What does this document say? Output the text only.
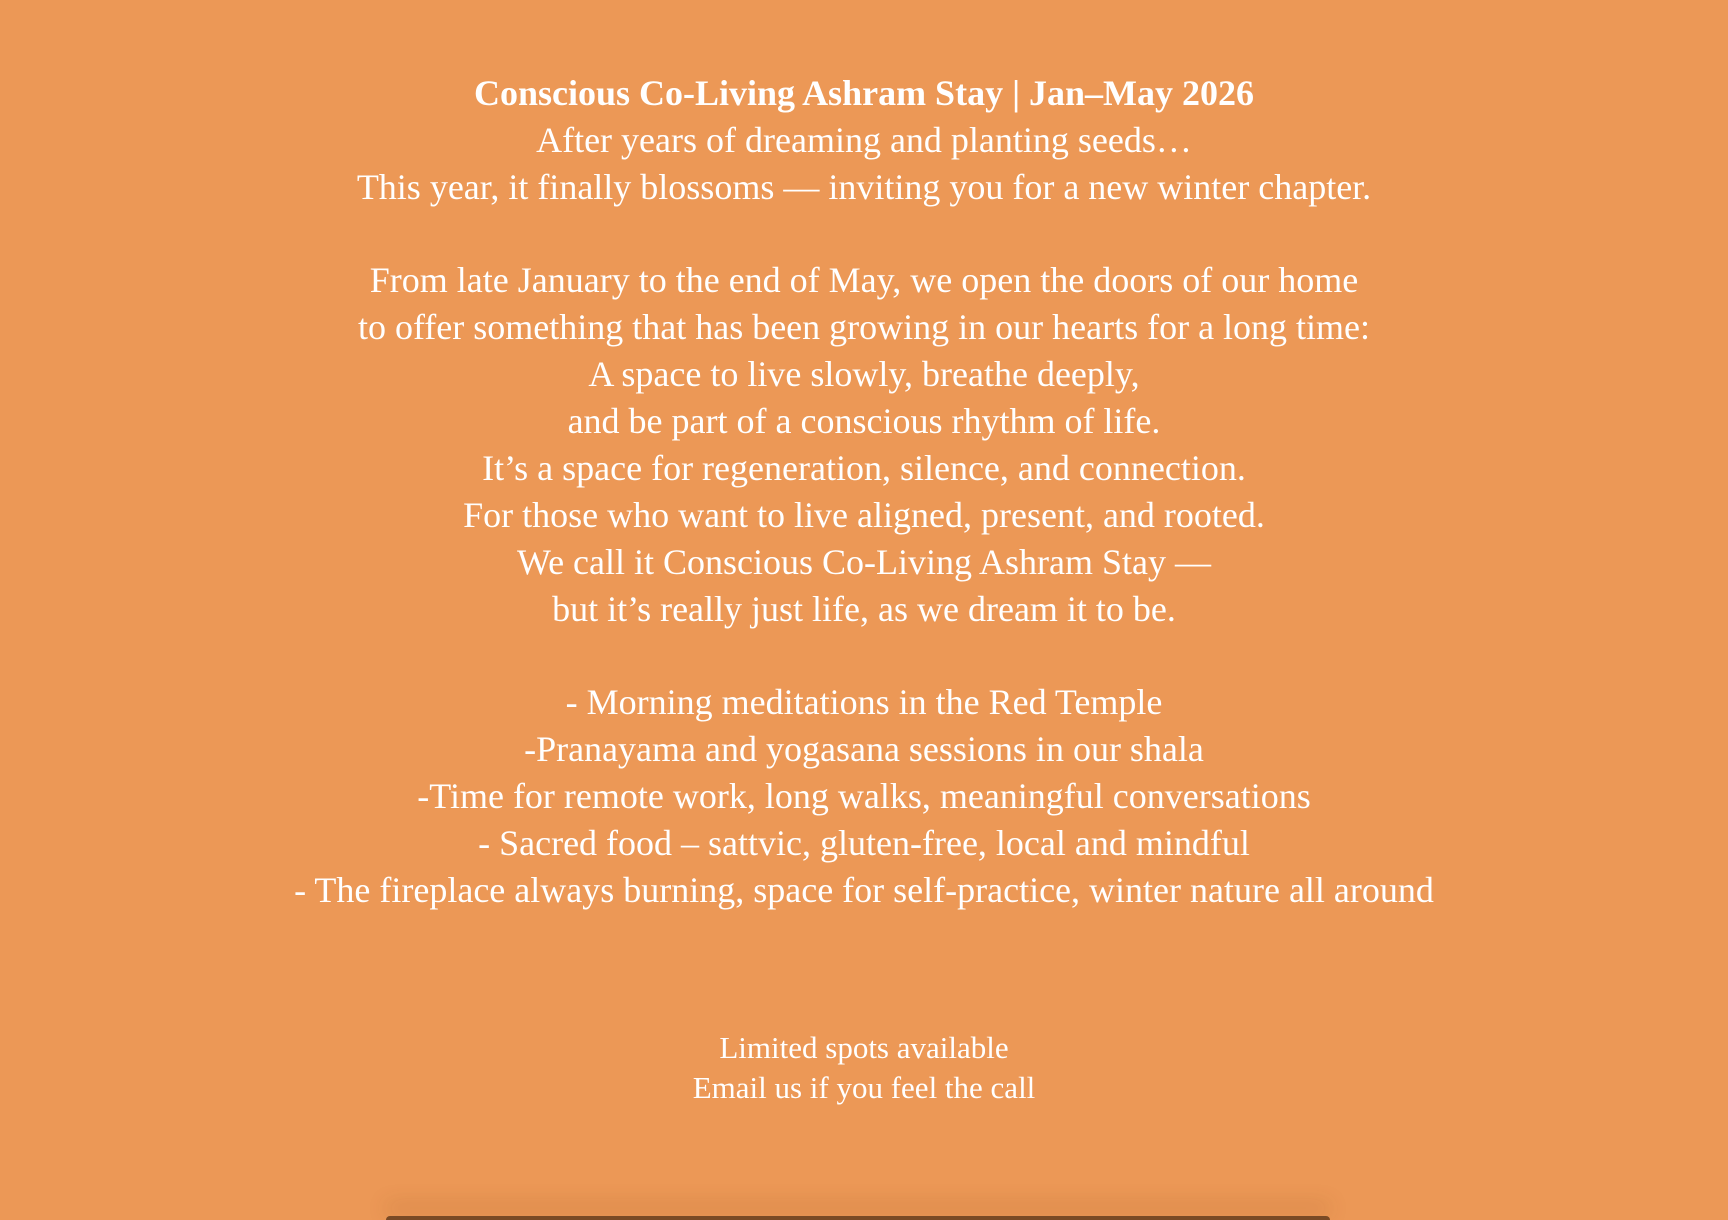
Conscious Co-Living Ashram Stay | Jan–May 2026
After years of dreaming and planting seeds…
This year, it finally blossoms — inviting you for a new winter chapter.
From late January to the end of May, we open the doors of our home
to offer something that has been growing in our hearts for a long time:
A space to live slowly, breathe deeply,
and be part of a conscious rhythm of life.
It’s a space for regeneration, silence, and connection.
For those who want to live aligned, present, and rooted.
We call it Conscious Co-Living Ashram Stay —
but it’s really just life, as we dream it to be.
- Morning meditations in the Red Temple
-Pranayama and yogasana sessions in our shala
-Time for remote work, long walks, meaningful conversations
- Sacred food – sattvic, gluten-free, local and mindful
- The fireplace always burning, space for self-practice, winter nature all around
Limited spots available
Email us if you feel the call
